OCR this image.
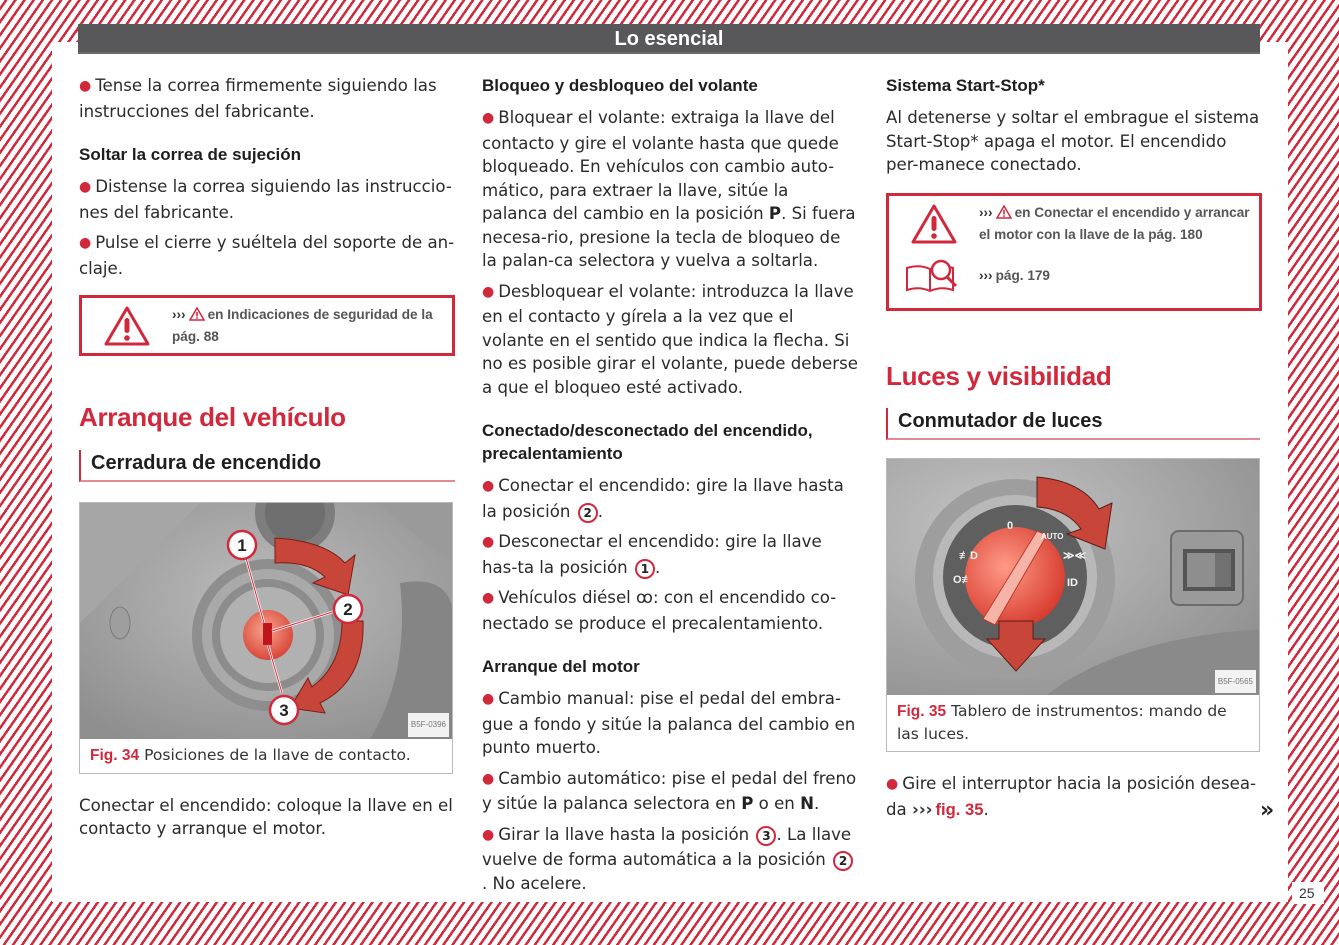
25
Lo esencial

● Tense la correa firmemente siguiendo las instrucciones del fabricante.

Soltar la correa de sujeción

● Distense la correa siguiendo las instruccio-nes del fabricante.

● Pulse el cierre y suéltela del soporte de an-claje.

››› en Indicaciones de seguridad de la pág. 88
Arranque del vehículo
Cerradura de encendido
1
2
3
B5F-0396
Fig. 34 Posiciones de la llave de contacto.

Conectar el encendido: coloque la llave en el contacto y arranque el motor.

Bloqueo y desbloqueo del volante

● Bloquear el volante: extraiga la llave del contacto y gire el volante hasta que quede bloqueado. En vehículos con cambio auto-mático, para extraer la llave, sitúe la palanca del cambio en la posición P. Si fuera necesa-rio, presione la tecla de bloqueo de la palan-ca selectora y vuelva a soltarla.

● Desbloquear el volante: introduzca la llave en el contacto y gírela a la vez que el volante en el sentido que indica la flecha. Si no es posible girar el volante, puede deberse a que el bloqueo esté activado.

Conectado/desconectado del encendido, precalentamiento

● Conectar el encendido: gire la llave hasta la posición 2 .

● Desconectar el encendido: gire la llave has-ta la posición 1 .

● Vehículos diésel ꝏ: con el encendido co-nectado se produce el precalentamiento.

Arranque del motor

● Cambio manual: pise el pedal del embra-gue a fondo y sitúe la palanca del cambio en punto muerto.

● Cambio automático: pise el pedal del freno y sitúe la palanca selectora en P o en N.

● Girar la llave hasta la posición 3 . La llave vuelve de forma automática a la posición 2. No acelere.

Sistema Start-Stop*

Al detenerse y soltar el embrague el sistema Start-Stop* apaga el motor. El encendido per-manece conectado.

››› en Conectar el encendido y arrancar el motor con la llave de la pág. 180
››› pág. 179
Luces y visibilidad
Conmutador de luces
0
AUTO
≢D
O≢
≫≪
ID
B5F-0565
Fig. 35 Tablero de instrumentos: mando de las luces.

● Gire el interruptor hacia la posición desea-da ››› fig. 35.	»
